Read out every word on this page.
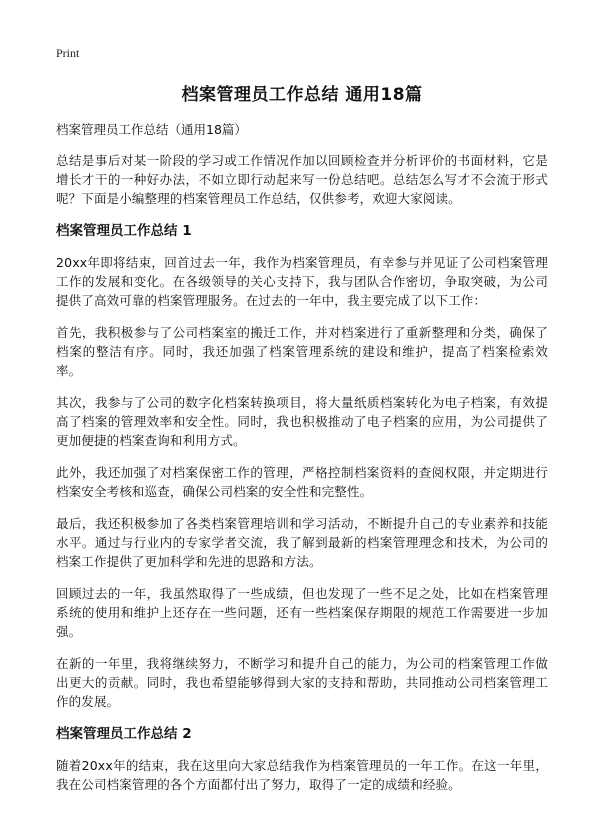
Print
档案管理员工作总结 通用18篇

档案管理员工作总结（通用18篇）

总结是事后对某一阶段的学习或工作情况作加以回顾检查并分析评价的书面材料，它是增长才干的一种好办法，不如立即行动起来写一份总结吧。总结怎么写才不会流于形式呢？下面是小编整理的档案管理员工作总结，仅供参考，欢迎大家阅读。

档案管理员工作总结 1

20xx年即将结束，回首过去一年，我作为档案管理员，有幸参与并见证了公司档案管理工作的发展和变化。在各级领导的关心支持下，我与团队合作密切，争取突破，为公司提供了高效可靠的档案管理服务。在过去的一年中，我主要完成了以下工作：

首先，我积极参与了公司档案室的搬迁工作，并对档案进行了重新整理和分类，确保了档案的整洁有序。同时，我还加强了档案管理系统的建设和维护，提高了档案检索效率。

其次，我参与了公司的数字化档案转换项目，将大量纸质档案转化为电子档案，有效提高了档案的管理效率和安全性。同时，我也积极推动了电子档案的应用，为公司提供了更加便捷的档案查询和利用方式。

此外，我还加强了对档案保密工作的管理，严格控制档案资料的查阅权限，并定期进行档案安全考核和巡查，确保公司档案的安全性和完整性。

最后，我还积极参加了各类档案管理培训和学习活动，不断提升自己的专业素养和技能水平。通过与行业内的专家学者交流，我了解到最新的档案管理理念和技术，为公司的档案工作提供了更加科学和先进的思路和方法。

回顾过去的一年，我虽然取得了一些成绩，但也发现了一些不足之处，比如在档案管理系统的使用和维护上还存在一些问题，还有一些档案保存期限的规范工作需要进一步加强。

在新的一年里，我将继续努力，不断学习和提升自己的能力，为公司的档案管理工作做出更大的贡献。同时，我也希望能够得到大家的支持和帮助，共同推动公司档案管理工作的发展。

档案管理员工作总结 2

随着20xx年的结束，我在这里向大家总结我作为档案管理员的一年工作。在这一年里，我在公司档案管理的各个方面都付出了努力，取得了一定的成绩和经验。
